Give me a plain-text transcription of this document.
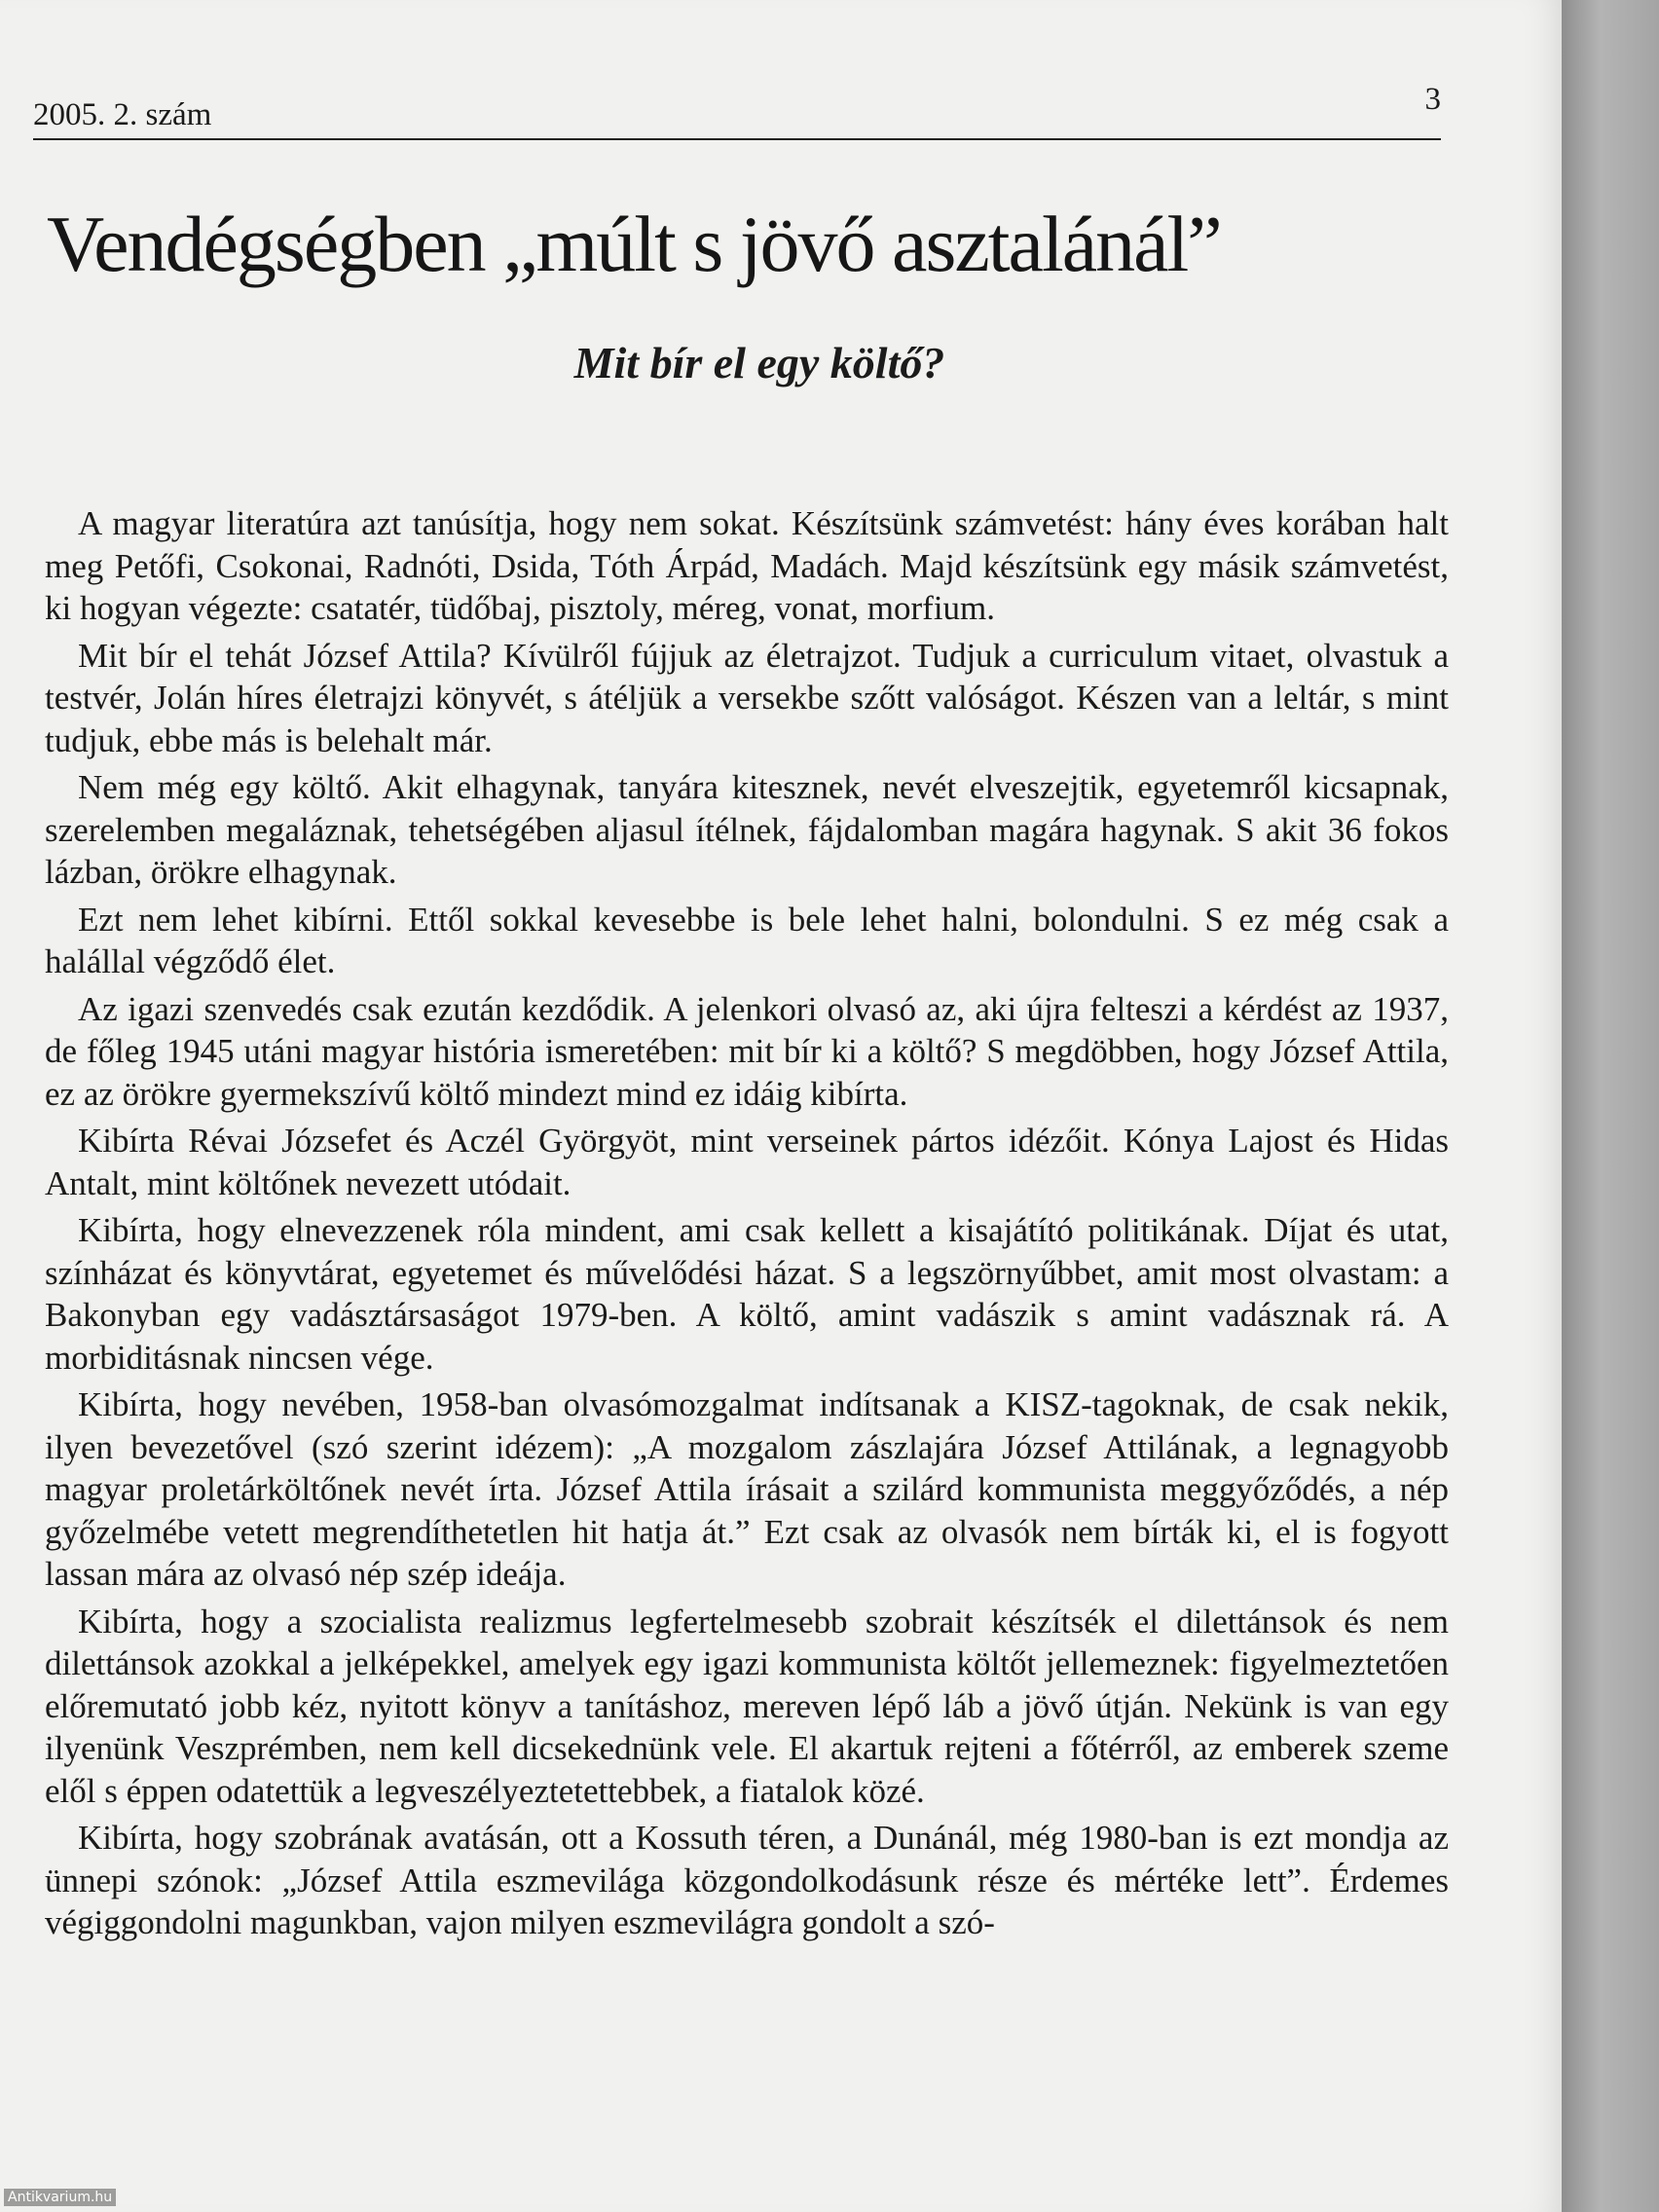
2005. 2. szám	3
Vendégségben „múlt s jövő asztalánál”
Mit bír el egy költő?

A magyar literatúra azt tanúsítja, hogy nem sokat. Készítsünk számvetést: hány éves korában halt meg Petőfi, Csokonai, Radnóti, Dsida, Tóth Árpád, Madách. Majd készítsünk egy másik számvetést, ki hogyan végezte: csatatér, tüdőbaj, pisztoly, méreg, vonat, morfium.

Mit bír el tehát József Attila? Kívülről fújjuk az életrajzot. Tudjuk a curriculum vitaet, olvastuk a testvér, Jolán híres életrajzi könyvét, s átéljük a versekbe szőtt valóságot. Készen van a leltár, s mint tudjuk, ebbe más is belehalt már.

Nem még egy költő. Akit elhagynak, tanyára kitesznek, nevét elveszejtik, egyetemről kicsapnak, szerelemben megaláznak, tehetségében aljasul ítélnek, fájdalomban magára hagynak. S akit 36 fokos lázban, örökre elhagynak.

Ezt nem lehet kibírni. Ettől sokkal kevesebbe is bele lehet halni, bolondulni. S ez még csak a halállal végződő élet.

Az igazi szenvedés csak ezután kezdődik. A jelenkori olvasó az, aki újra felteszi a kérdést az 1937, de főleg 1945 utáni magyar história ismeretében: mit bír ki a költő? S megdöbben, hogy József Attila, ez az örökre gyermekszívű költő mindezt mind ez idáig kibírta.

Kibírta Révai Józsefet és Aczél Györgyöt, mint verseinek pártos idézőit. Kónya Lajost és Hidas Antalt, mint költőnek nevezett utódait.

Kibírta, hogy elnevezzenek róla mindent, ami csak kellett a kisajátító politikának. Díjat és utat, színházat és könyvtárat, egyetemet és művelődési házat. S a legszörnyűbbet, amit most olvastam: a Bakonyban egy vadásztársaságot 1979-ben. A költő, amint vadászik s amint vadásznak rá. A morbiditásnak nincsen vége.

Kibírta, hogy nevében, 1958-ban olvasómozgalmat indítsanak a KISZ-tagoknak, de csak nekik, ilyen bevezetővel (szó szerint idézem): „A mozgalom zászlajára József Attilának, a legnagyobb magyar proletárköltőnek nevét írta. József Attila írásait a szilárd kommunista meggyőződés, a nép győzelmébe vetett megrendíthetetlen hit hatja át.” Ezt csak az olvasók nem bírták ki, el is fogyott lassan mára az olvasó nép szép ideája.

Kibírta, hogy a szocialista realizmus legfertelmesebb szobrait készítsék el dilettánsok és nem dilettánsok azokkal a jelképekkel, amelyek egy igazi kommunista költőt jellemeznek: figyelmeztetően előremutató jobb kéz, nyitott könyv a tanításhoz, mereven lépő láb a jövő útján. Nekünk is van egy ilyenünk Veszprémben, nem kell dicsekednünk vele. El akartuk rejteni a főtérről, az emberek szeme elől s éppen odatettük a legveszélyeztetettebbek, a fiatalok közé.

Kibírta, hogy szobrának avatásán, ott a Kossuth téren, a Dunánál, még 1980-ban is ezt mondja az ünnepi szónok: „József Attila eszmevilága közgondolkodásunk része és mértéke lett”. Érdemes végiggondolni magunkban, vajon milyen eszmevilágra gondolt a szó-

Antikvarium.hu
